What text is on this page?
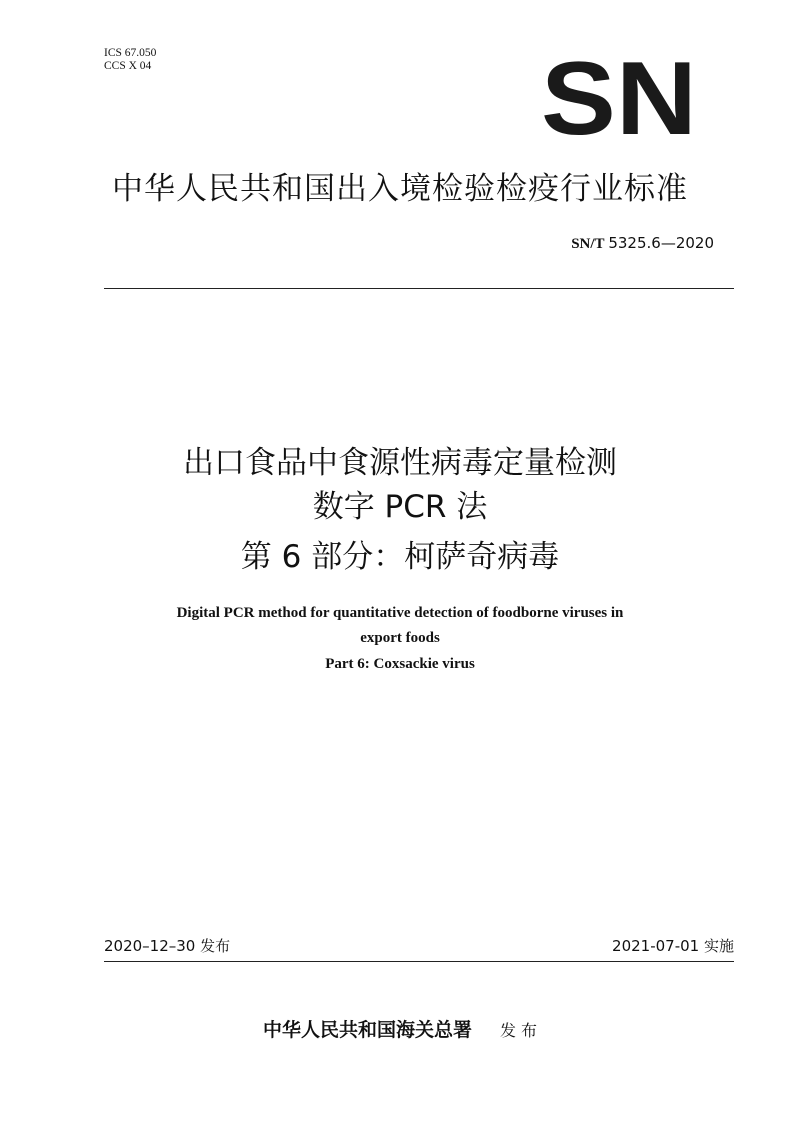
ICS 67.050
CCS X 04	SN
中华人民共和国出入境检验检疫行业标准
SN/T 5325.6—2020
出口食品中食源性病毒定量检测
数字 PCR 法
第 6 部分：柯萨奇病毒
Digital PCR method for quantitative detection of foodborne viruses in
export foods
Part 6: Coxsackie virus
2020–12–30 发布	2021-07-01 实施
中华人民共和国海关总署 发 布
